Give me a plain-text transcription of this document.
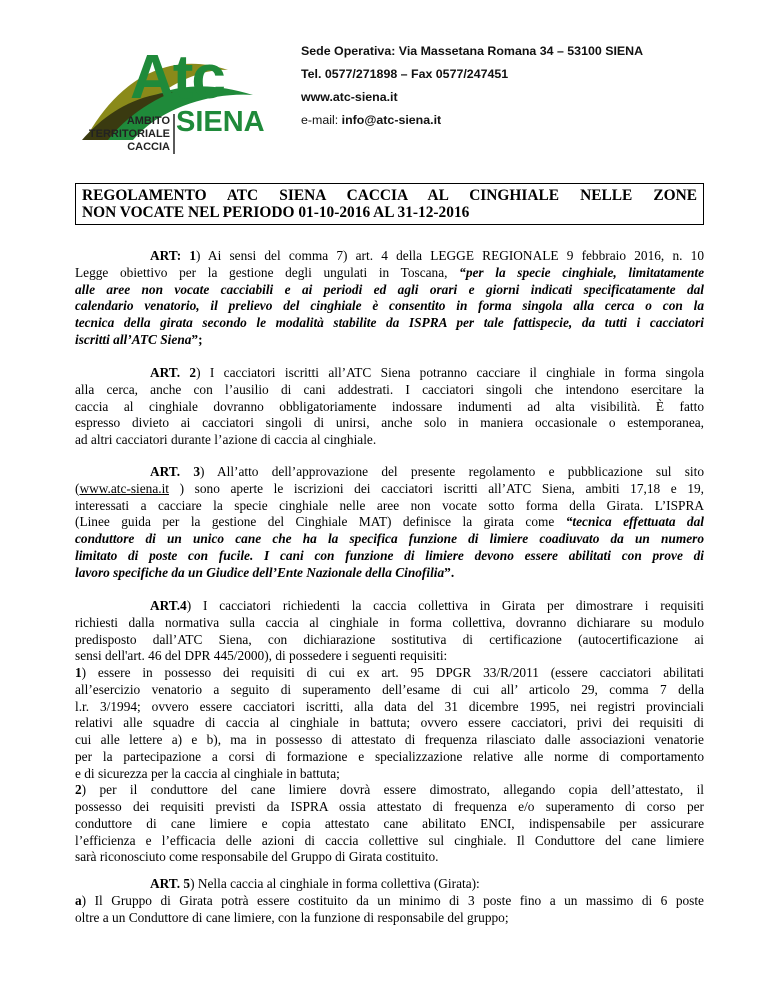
Atc
SIENA
AMBITO
TERRITORIALE
CACCIA
Sede Operativa: Via Massetana Romana 34 – 53100 SIENA
Tel. 0577/271898 – Fax 0577/247451
www.atc-siena.it
e-mail: info@atc-siena.it
REGOLAMENTO ATC SIENA CACCIA AL CINGHIALE NELLE ZONE
NON VOCATE NEL PERIODO 01-10-2016 AL 31-12-2016
ART: 1) Ai sensi del comma 7) art. 4 della LEGGE REGIONALE 9 febbraio 2016, n. 10
Legge obiettivo per la gestione degli ungulati in Toscana, “per la specie cinghiale, limitatamente
alle aree non vocate cacciabili e ai periodi ed agli orari e giorni indicati specificatamente dal
calendario venatorio, il prelievo del cinghiale è consentito in forma singola alla cerca o con la
tecnica della girata secondo le modalità stabilite da ISPRA per tale fattispecie, da tutti i cacciatori
iscritti all’ATC Siena”;
ART. 2) I cacciatori iscritti all’ATC Siena potranno cacciare il cinghiale in forma singola
alla cerca, anche con l’ausilio di cani addestrati. I cacciatori singoli che intendono esercitare la
caccia al cinghiale dovranno obbligatoriamente indossare indumenti ad alta visibilità. È fatto
espresso divieto ai cacciatori singoli di unirsi, anche solo in maniera occasionale o estemporanea,
ad altri cacciatori durante l’azione di caccia al cinghiale.
ART. 3) All’atto dell’approvazione del presente regolamento e pubblicazione sul sito
(www.atc-siena.it ) sono aperte le iscrizioni dei cacciatori iscritti all’ATC Siena, ambiti 17,18 e 19,
interessati a cacciare la specie cinghiale nelle aree non vocate sotto forma della Girata. L’ISPRA
(Linee guida per la gestione del Cinghiale MAT) definisce la girata come “tecnica effettuata dal
conduttore di un unico cane che ha la specifica funzione di limiere coadiuvato da un numero
limitato di poste con fucile. I cani con funzione di limiere devono essere abilitati con prove di
lavoro specifiche da un Giudice dell’Ente Nazionale della Cinofilia”.
ART.4) I cacciatori richiedenti la caccia collettiva in Girata per dimostrare i requisiti
richiesti dalla normativa sulla caccia al cinghiale in forma collettiva, dovranno dichiarare su modulo
predisposto dall’ATC Siena, con dichiarazione sostitutiva di certificazione (autocertificazione ai
sensi dell'art. 46 del DPR 445/2000), di possedere i seguenti requisiti:
1) essere in possesso dei requisiti di cui ex art. 95 DPGR 33/R/2011 (essere cacciatori abilitati
all’esercizio venatorio a seguito di superamento dell’esame di cui all’ articolo 29, comma 7 della
l.r. 3/1994; ovvero essere cacciatori iscritti, alla data del 31 dicembre 1995, nei registri provinciali
relativi alle squadre di caccia al cinghiale in battuta; ovvero essere cacciatori, privi dei requisiti di
cui alle lettere a) e b), ma in possesso di attestato di frequenza rilasciato dalle associazioni venatorie
per la partecipazione a corsi di formazione e specializzazione relative alle norme di comportamento
e di sicurezza per la caccia al cinghiale in battuta;
2) per il conduttore del cane limiere dovrà essere dimostrato, allegando copia dell’attestato, il
possesso dei requisiti previsti da ISPRA ossia attestato di frequenza e/o superamento di corso per
conduttore di cane limiere e copia attestato cane abilitato ENCI, indispensabile per assicurare
l’efficienza e l’efficacia delle azioni di caccia collettive sul cinghiale. Il Conduttore del cane limiere
sarà riconosciuto come responsabile del Gruppo di Girata costituito.
ART. 5) Nella caccia al cinghiale in forma collettiva (Girata):
a) Il Gruppo di Girata potrà essere costituito da un minimo di 3 poste fino a un massimo di 6 poste
oltre a un Conduttore di cane limiere, con la funzione di responsabile del gruppo;
